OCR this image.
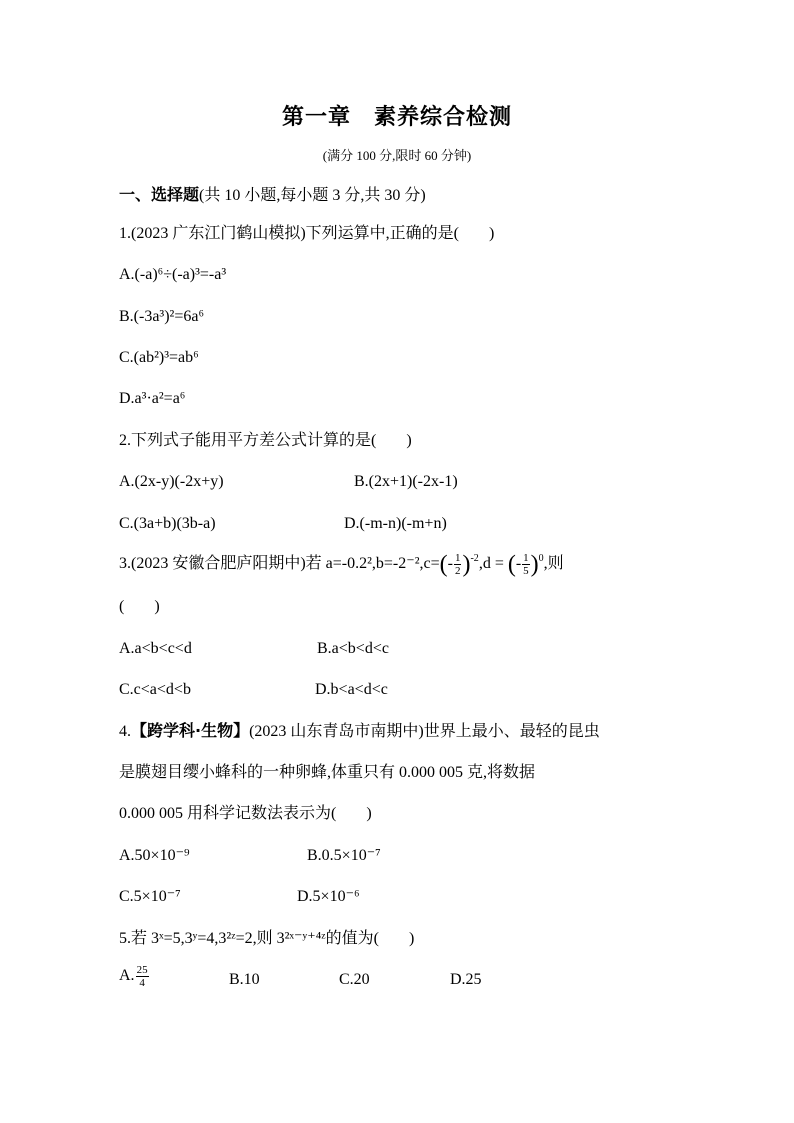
第一章　素养综合检测
(满分 100 分,限时 60 分钟)
一、选择题(共 10 小题,每小题 3 分,共 30 分)
1.(2023 广东江门鹤山模拟)下列运算中,正确的是( )
A.(-a)⁶÷(-a)³=-a³
B.(-3a³)²=6a⁶
C.(ab²)³=ab⁶
D.a³·a²=a⁶
2.下列式子能用平方差公式计算的是( )
A.(2x-y)(-2x+y)	B.(2x+1)(-2x-1)
C.(3a+b)(3b-a)	D.(-m-n)(-m+n)
3.(2023 安徽合肥庐阳期中)若 $a=-0.2^2,b=-2^{-2},c=(- \frac{1}{2} )^{-2},d$ = (- $\frac{1}{5} )^0$,则
( )
A.a<b<c<d	B.a<b<d<c
C.c<a<d<b	D.b<a<d<c
4.【跨学科·生物】(2023 山东青岛市南期中)世界上最小、最轻的昆虫
是膜翅目缨小蜂科的一种卵蜂,体重只有 0.000 005 克,将数据
0.000 005 用科学记数法表示为( )
A.50×10⁻⁹	B.0.5×10⁻⁷
C.5×10⁻⁷	D.5×10⁻⁶
5.若 3ˣ=5,3ʸ=4,3²ᶻ=2,则 3²ˣ⁻ʸ⁺⁴ᶻ的值为( )
A. $\frac{25}{4}$	B.10	C.20	D.25
